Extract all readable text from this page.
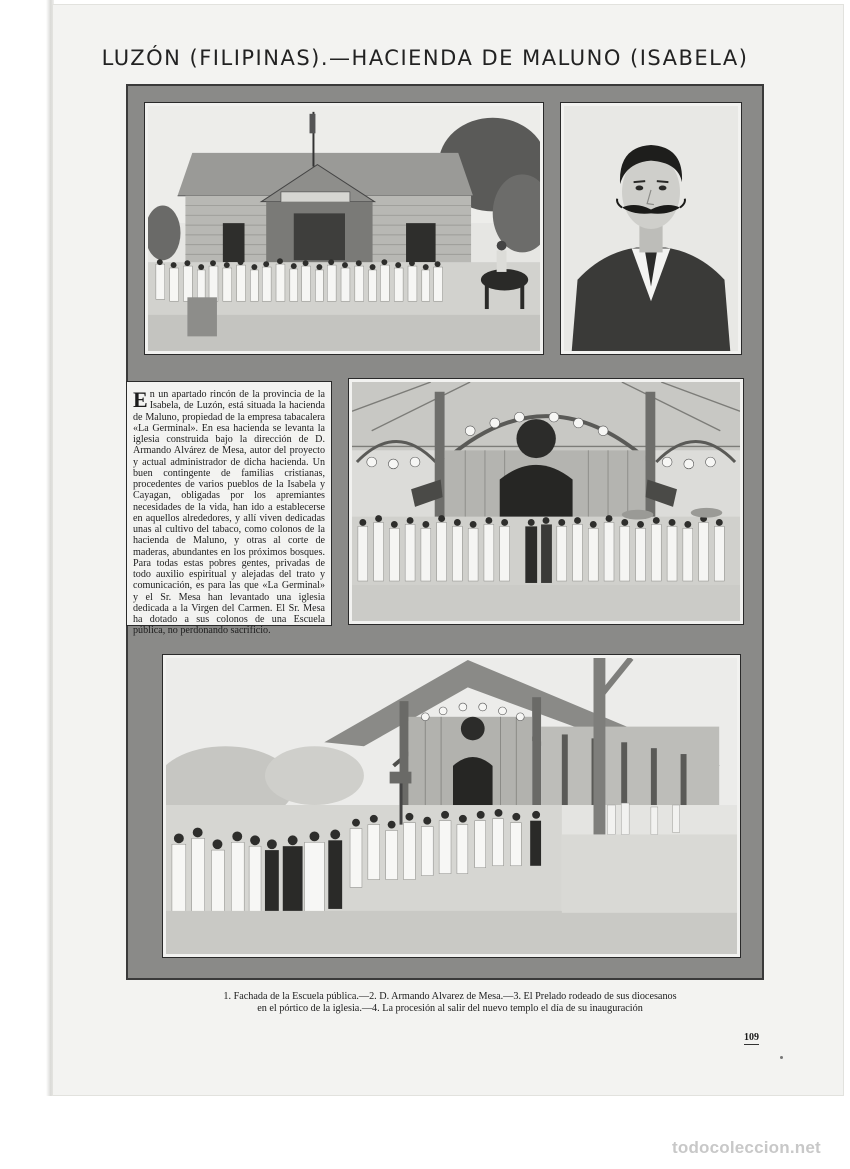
LUZÓN (FILIPINAS).—HACIENDA DE MALUNO (ISABELA)

En un apartado rincón de la provincia de la Isabela, de Luzón, está situada la hacienda de Maluno, propiedad de la empresa tabacalera «La Germinal». En esa hacienda se levanta la iglesia construida bajo la dirección de D. Armando Alvárez de Mesa, autor del proyecto y actual administrador de dicha hacienda. Un buen contingente de familias cristianas, procedentes de varios pueblos de la Isabela y Cayagan, obligadas por los apremiantes necesidades de la vida, han ido a establecerse en aquellos alrededores, y allí viven dedicadas unas al cultivo del tabaco, como colonos de la hacienda de Maluno, y otras al corte de maderas, abundantes en los próximos bosques. Para todas estas pobres gentes, privadas de todo auxilio espiritual y alejadas del trato y comunicación, es para las que «La Germinal» y el Sr. Mesa han levantado una iglesia dedicada a la Virgen del Carmen. El Sr. Mesa ha dotado a sus colonos de una Escuela pública, no perdonando sacrificio.

1. Fachada de la Escuela pública.—2. D. Armando Alvarez de Mesa.—3. El Prelado rodeado de sus diocesanos
en el pórtico de la iglesia.—4. La procesión al salir del nuevo templo el día de su inauguración
109
todocoleccion.net
